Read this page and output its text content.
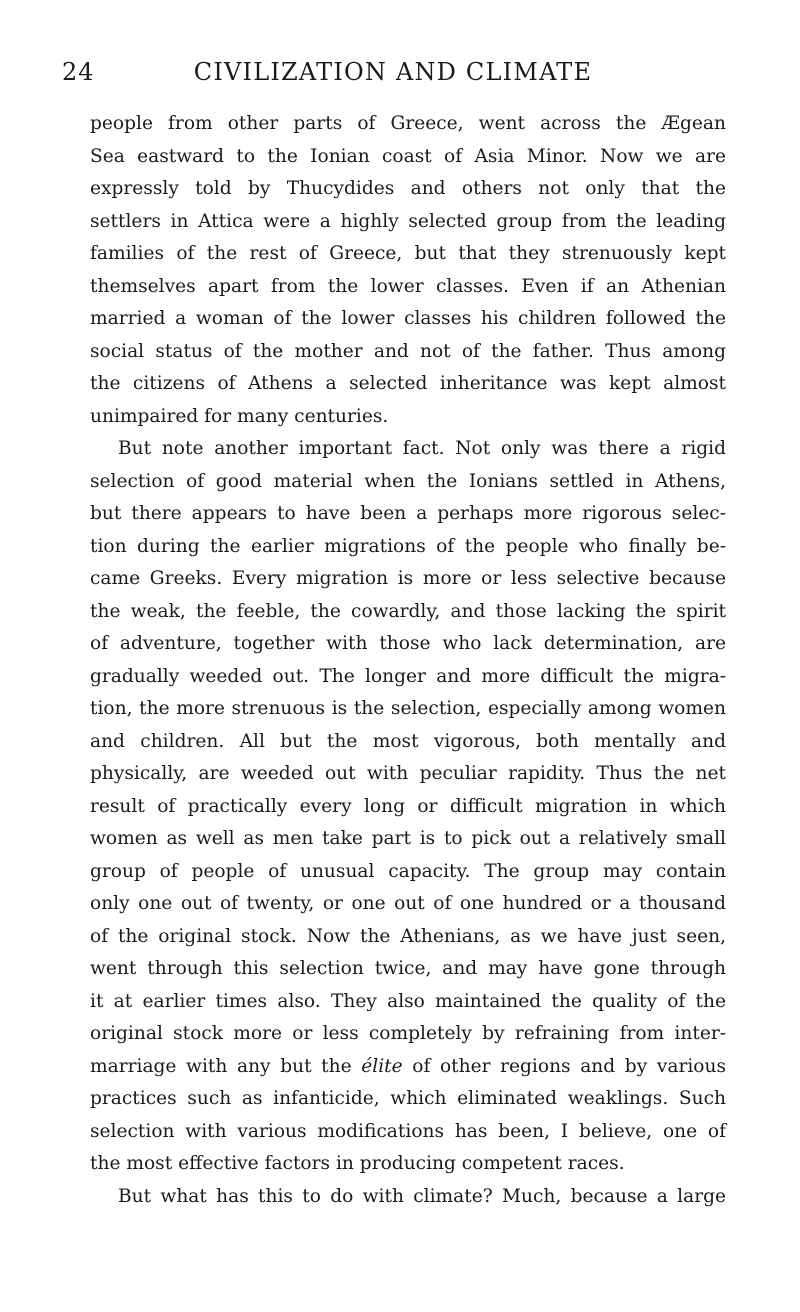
24	CIVILIZATION AND CLIMATE
people from other parts of Greece, went across the Ægean
Sea eastward to the Ionian coast of Asia Minor. Now we are
expressly told by Thucydides and others not only that the
settlers in Attica were a highly selected group from the leading
families of the rest of Greece, but that they strenuously kept
themselves apart from the lower classes. Even if an Athenian
married a woman of the lower classes his children followed the
social status of the mother and not of the father. Thus among
the citizens of Athens a selected inheritance was kept almost
unimpaired for many centuries.
But note another important fact. Not only was there a rigid
selection of good material when the Ionians settled in Athens,
but there appears to have been a perhaps more rigorous selec-
tion during the earlier migrations of the people who finally be-
came Greeks. Every migration is more or less selective because
the weak, the feeble, the cowardly, and those lacking the spirit
of adventure, together with those who lack determination, are
gradually weeded out. The longer and more difficult the migra-
tion, the more strenuous is the selection, especially among women
and children. All but the most vigorous, both mentally and
physically, are weeded out with peculiar rapidity. Thus the net
result of practically every long or difficult migration in which
women as well as men take part is to pick out a relatively small
group of people of unusual capacity. The group may contain
only one out of twenty, or one out of one hundred or a thousand
of the original stock. Now the Athenians, as we have just seen,
went through this selection twice, and may have gone through
it at earlier times also. They also maintained the quality of the
original stock more or less completely by refraining from inter-
marriage with any but the élite of other regions and by various
practices such as infanticide, which eliminated weaklings. Such
selection with various modifications has been, I believe, one of
the most effective factors in producing competent races.
But what has this to do with climate? Much, because a large
